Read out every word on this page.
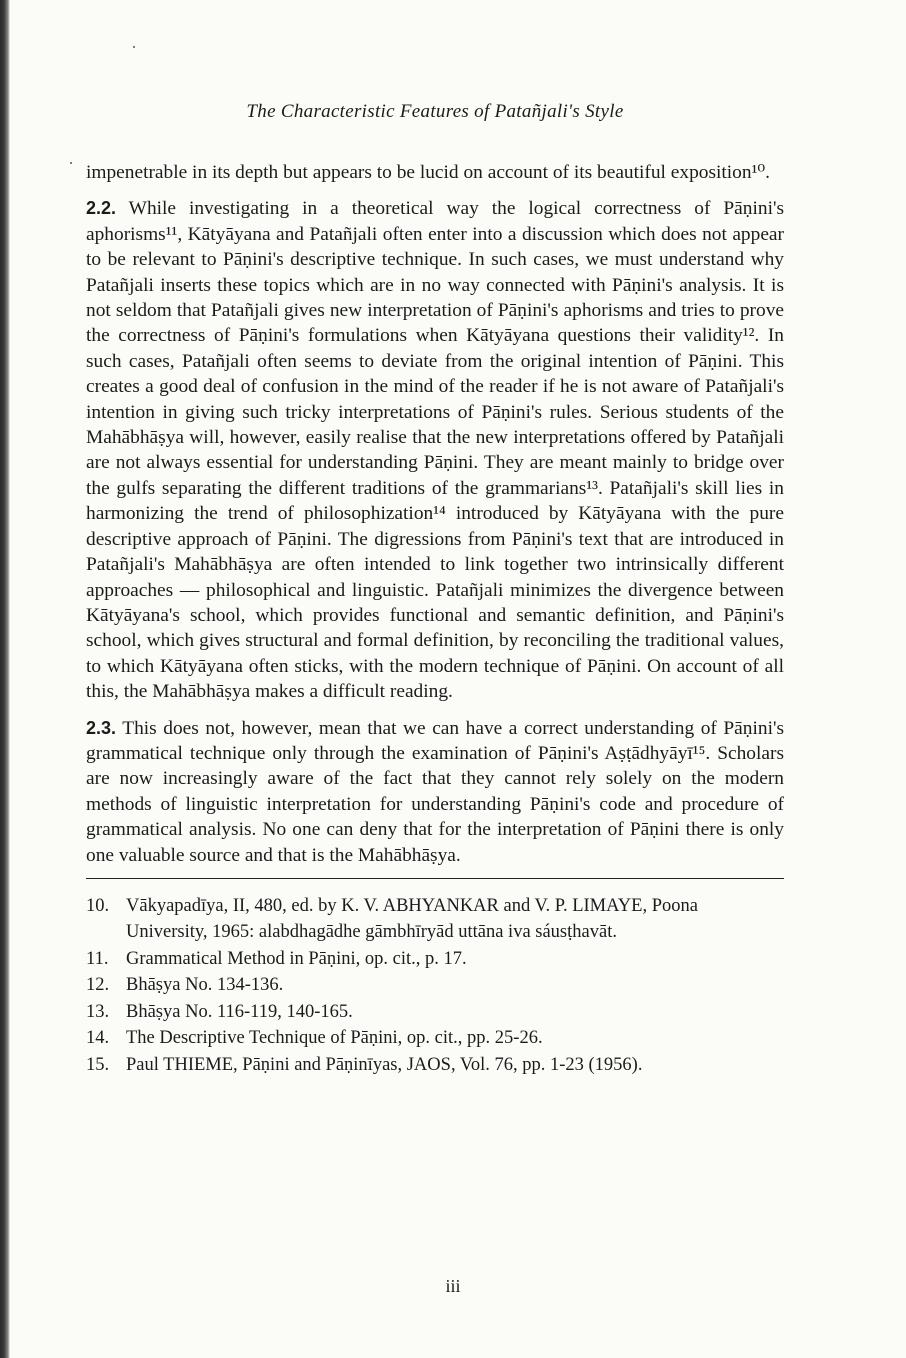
The Characteristic Features of Patañjali's Style

impenetrable in its depth but appears to be lucid on account of its beautiful exposition¹⁰.

2.2. While investigating in a theoretical way the logical correctness of Pāṇini's aphorisms¹¹, Kātyāyana and Patañjali often enter into a discussion which does not appear to be relevant to Pāṇini's descriptive technique. In such cases, we must understand why Patañjali inserts these topics which are in no way connected with Pāṇini's analysis. It is not seldom that Patañjali gives new interpretation of Pāṇini's aphorisms and tries to prove the correctness of Pāṇini's formulations when Kātyāyana questions their validity¹². In such cases, Patañjali often seems to deviate from the original intention of Pāṇini. This creates a good deal of confusion in the mind of the reader if he is not aware of Patañjali's intention in giving such tricky interpretations of Pāṇini's rules. Serious students of the Mahābhāṣya will, however, easily realise that the new interpretations offered by Patañjali are not always essential for understanding Pāṇini. They are meant mainly to bridge over the gulfs separating the different traditions of the grammarians¹³. Patañjali's skill lies in harmonizing the trend of philosophization¹⁴ introduced by Kātyāyana with the pure descriptive approach of Pāṇini. The digressions from Pāṇini's text that are introduced in Patañjali's Mahābhāṣya are often intended to link together two intrinsically different approaches — philosophical and linguistic. Patañjali minimizes the divergence between Kātyāyana's school, which provides functional and semantic definition, and Pāṇini's school, which gives structural and formal definition, by reconciling the traditional values, to which Kātyāyana often sticks, with the modern technique of Pāṇini. On account of all this, the Mahābhāṣya makes a difficult reading.

2.3. This does not, however, mean that we can have a correct understanding of Pāṇini's grammatical technique only through the examination of Pāṇini's Aṣṭādhyāyī¹⁵. Scholars are now increasingly aware of the fact that they cannot rely solely on the modern methods of linguistic interpretation for understanding Pāṇini's code and procedure of grammatical analysis. No one can deny that for the interpretation of Pāṇini there is only one valuable source and that is the Mahābhāṣya.

10. Vākyapadīya, II, 480, ed. by K. V. ABHYANKAR and V. P. LIMAYE, Poona University, 1965: alabdhagādhe gāmbhīryād uttāna iva sáusṭhavāt.

11. Grammatical Method in Pāṇini, op. cit., p. 17.

12. Bhāṣya No. 134-136.

13. Bhāṣya No. 116-119, 140-165.

14. The Descriptive Technique of Pāṇini, op. cit., pp. 25-26.

15. Paul THIEME, Pāṇini and Pāṇinīyas, JAOS, Vol. 76, pp. 1-23 (1956).

iii
